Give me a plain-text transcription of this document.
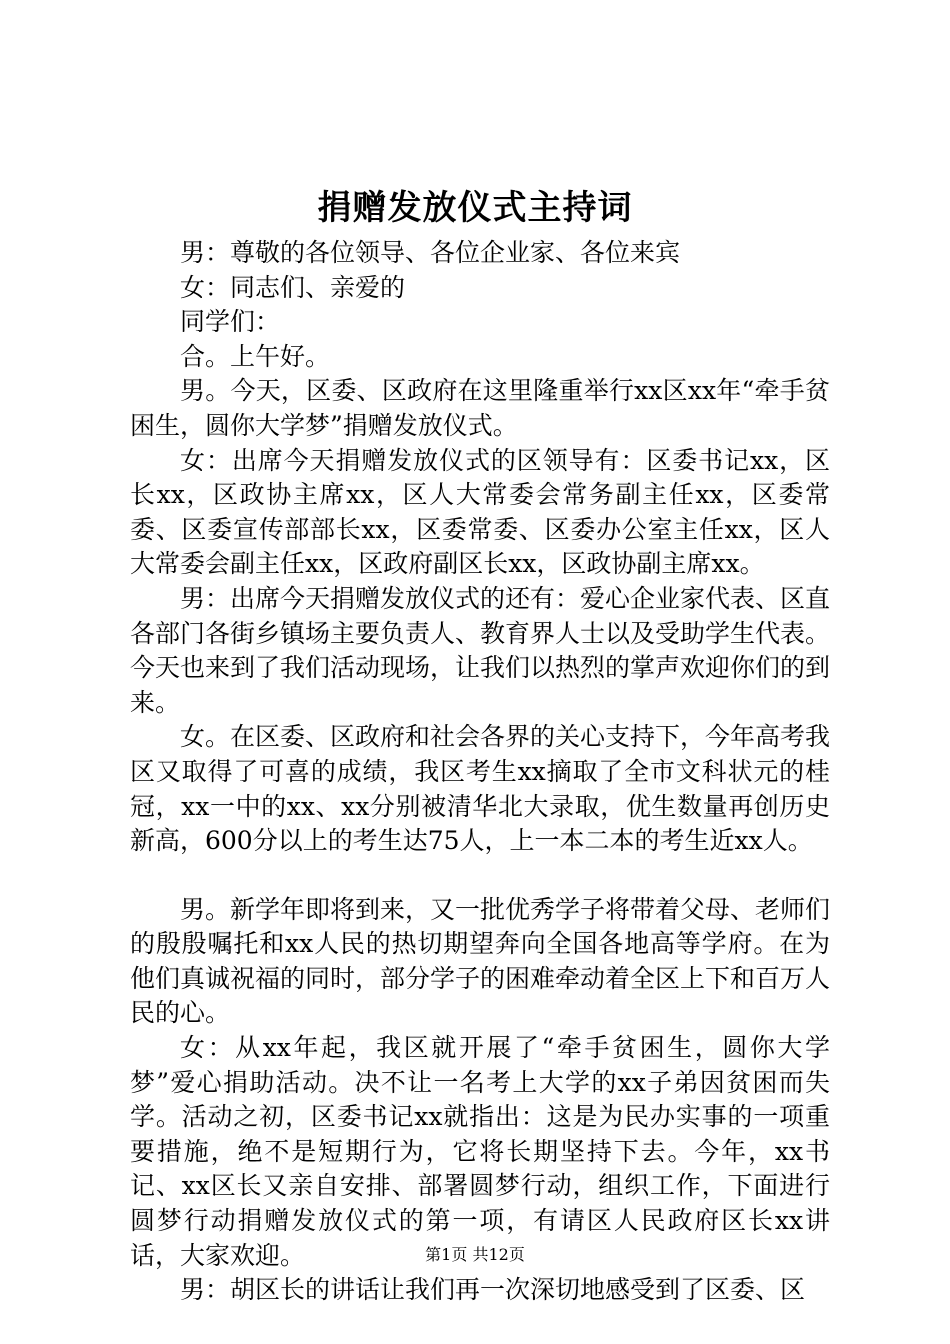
捐赠发放仪式主持词

男：尊敬的各位领导、各位企业家、各位来宾

女：同志们、亲爱的

同学们：

合。上午好。

男。今天，区委、区政府在这里隆重举行xx区xx年“牵手贫困生，圆你大学梦”捐赠发放仪式。

女：出席今天捐赠发放仪式的区领导有：区委书记xx，区长xx，区政协主席xx，区人大常委会常务副主任xx，区委常委、区委宣传部部长xx，区委常委、区委办公室主任xx，区人大常委会副主任xx，区政府副区长xx，区政协副主席xx。

男：出席今天捐赠发放仪式的还有：爱心企业家代表、区直各部门各街乡镇场主要负责人、教育界人士以及受助学生代表。今天也来到了我们活动现场，让我们以热烈的掌声欢迎你们的到来。

女。在区委、区政府和社会各界的关心支持下，今年高考我区又取得了可喜的成绩，我区考生xx摘取了全市文科状元的桂冠，xx一中的xx、xx分别被清华北大录取，优生数量再创历史新高，600分以上的考生达75人，上一本二本的考生近xx人。

男。新学年即将到来，又一批优秀学子将带着父母、老师们的殷殷嘱托和xx人民的热切期望奔向全国各地高等学府。在为他们真诚祝福的同时，部分学子的困难牵动着全区上下和百万人民的心。

女：从xx年起，我区就开展了“牵手贫困生，圆你大学梦”爱心捐助活动。决不让一名考上大学的xx子弟因贫困而失学。活动之初，区委书记xx就指出：这是为民办实事的一项重要措施，绝不是短期行为，它将长期坚持下去。今年，xx书记、xx区长又亲自安排、部署圆梦行动，组织工作，下面进行圆梦行动捐赠发放仪式的第一项，有请区人民政府区长xx讲话，大家欢迎。

男：胡区长的讲话让我们再一次深切地感受到了区委、区

第1页 共12页
